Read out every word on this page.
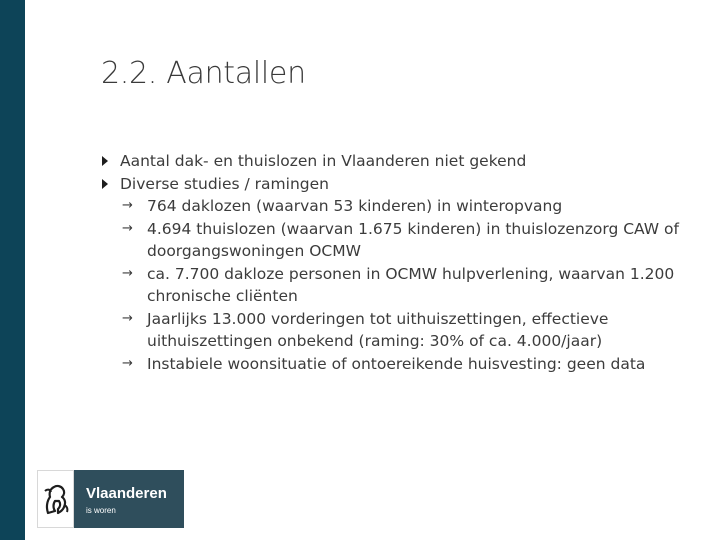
2.2. Aantallen
Aantal dak- en thuislozen in Vlaanderen niet gekend
Diverse studies / ramingen
→ 764 daklozen (waarvan 53 kinderen) in winteropvang
→ 4.694 thuislozen (waarvan 1.675 kinderen) in thuislozenzorg CAW of doorgangswoningen OCMW
→ ca. 7.700 dakloze personen in OCMW hulpverlening, waarvan 1.200 chronische cliënten
→ Jaarlijks 13.000 vorderingen tot uithuiszettingen, effectieve uithuiszettingen onbekend (raming: 30% of ca. 4.000/jaar)
→ Instabiele woonsituatie of ontoereikende huisvesting: geen data
Vlaanderen
is woren
